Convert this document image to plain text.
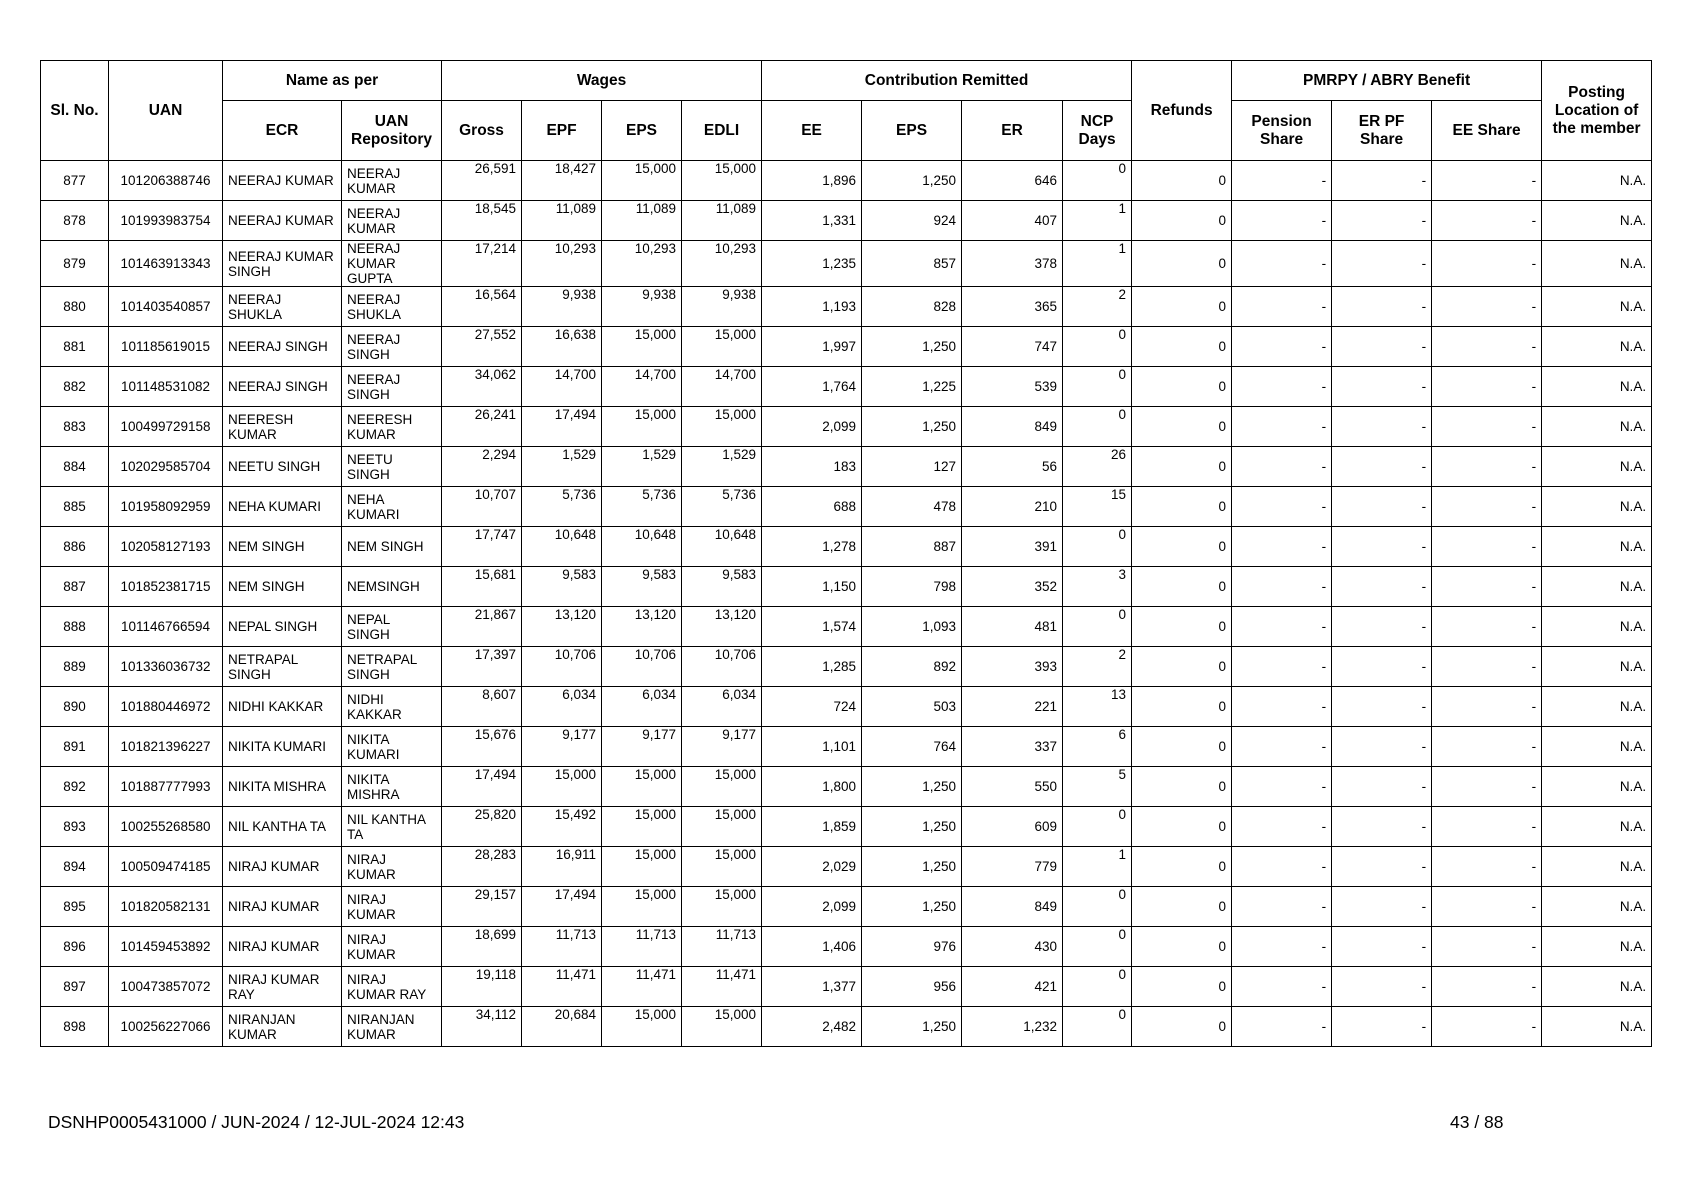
Sl. No.	UAN	Name as per		Wages				Contribution Remitted				Refunds	PMRPY / ABRY Benefit			Posting Location of the member
		ECR	UAN Repository	Gross	EPF	EPS	EDLI	EE	EPS	ER	NCP Days		Pension Share	ER PF Share	EE Share	
877	101206388746	NEERAJ KUMAR	NEERAJ KUMAR	26,591	18,427	15,000	15,000	1,896	1,250	646	0	0	-	-	-	N.A.
878	101993983754	NEERAJ KUMAR	NEERAJ KUMAR	18,545	11,089	11,089	11,089	1,331	924	407	1	0	-	-	-	N.A.
879	101463913343	NEERAJ KUMAR SINGH	NEERAJ KUMAR GUPTA	17,214	10,293	10,293	10,293	1,235	857	378	1	0	-	-	-	N.A.
880	101403540857	NEERAJ SHUKLA	NEERAJ SHUKLA	16,564	9,938	9,938	9,938	1,193	828	365	2	0	-	-	-	N.A.
881	101185619015	NEERAJ SINGH	NEERAJ SINGH	27,552	16,638	15,000	15,000	1,997	1,250	747	0	0	-	-	-	N.A.
882	101148531082	NEERAJ SINGH	NEERAJ SINGH	34,062	14,700	14,700	14,700	1,764	1,225	539	0	0	-	-	-	N.A.
883	100499729158	NEERESH KUMAR	NEERESH KUMAR	26,241	17,494	15,000	15,000	2,099	1,250	849	0	0	-	-	-	N.A.
884	102029585704	NEETU SINGH	NEETU SINGH	2,294	1,529	1,529	1,529	183	127	56	26	0	-	-	-	N.A.
885	101958092959	NEHA KUMARI	NEHA KUMARI	10,707	5,736	5,736	5,736	688	478	210	15	0	-	-	-	N.A.
886	102058127193	NEM SINGH	NEM SINGH	17,747	10,648	10,648	10,648	1,278	887	391	0	0	-	-	-	N.A.
887	101852381715	NEM SINGH	NEMSINGH	15,681	9,583	9,583	9,583	1,150	798	352	3	0	-	-	-	N.A.
888	101146766594	NEPAL SINGH	NEPAL SINGH	21,867	13,120	13,120	13,120	1,574	1,093	481	0	0	-	-	-	N.A.
889	101336036732	NETRAPAL SINGH	NETRAPAL SINGH	17,397	10,706	10,706	10,706	1,285	892	393	2	0	-	-	-	N.A.
890	101880446972	NIDHI KAKKAR	NIDHI KAKKAR	8,607	6,034	6,034	6,034	724	503	221	13	0	-	-	-	N.A.
891	101821396227	NIKITA KUMARI	NIKITA KUMARI	15,676	9,177	9,177	9,177	1,101	764	337	6	0	-	-	-	N.A.
892	101887777993	NIKITA MISHRA	NIKITA MISHRA	17,494	15,000	15,000	15,000	1,800	1,250	550	5	0	-	-	-	N.A.
893	100255268580	NIL KANTHA TA	NIL KANTHA TA	25,820	15,492	15,000	15,000	1,859	1,250	609	0	0	-	-	-	N.A.
894	100509474185	NIRAJ KUMAR	NIRAJ KUMAR	28,283	16,911	15,000	15,000	2,029	1,250	779	1	0	-	-	-	N.A.
895	101820582131	NIRAJ KUMAR	NIRAJ KUMAR	29,157	17,494	15,000	15,000	2,099	1,250	849	0	0	-	-	-	N.A.
896	101459453892	NIRAJ KUMAR	NIRAJ KUMAR	18,699	11,713	11,713	11,713	1,406	976	430	0	0	-	-	-	N.A.
897	100473857072	NIRAJ KUMAR RAY	NIRAJ KUMAR RAY	19,118	11,471	11,471	11,471	1,377	956	421	0	0	-	-	-	N.A.
898	100256227066	NIRANJAN KUMAR	NIRANJAN KUMAR	34,112	20,684	15,000	15,000	2,482	1,250	1,232	0	0	-	-	-	N.A.
DSNHP0005431000 / JUN-2024 / 12-JUL-2024 12:43	43 / 88
